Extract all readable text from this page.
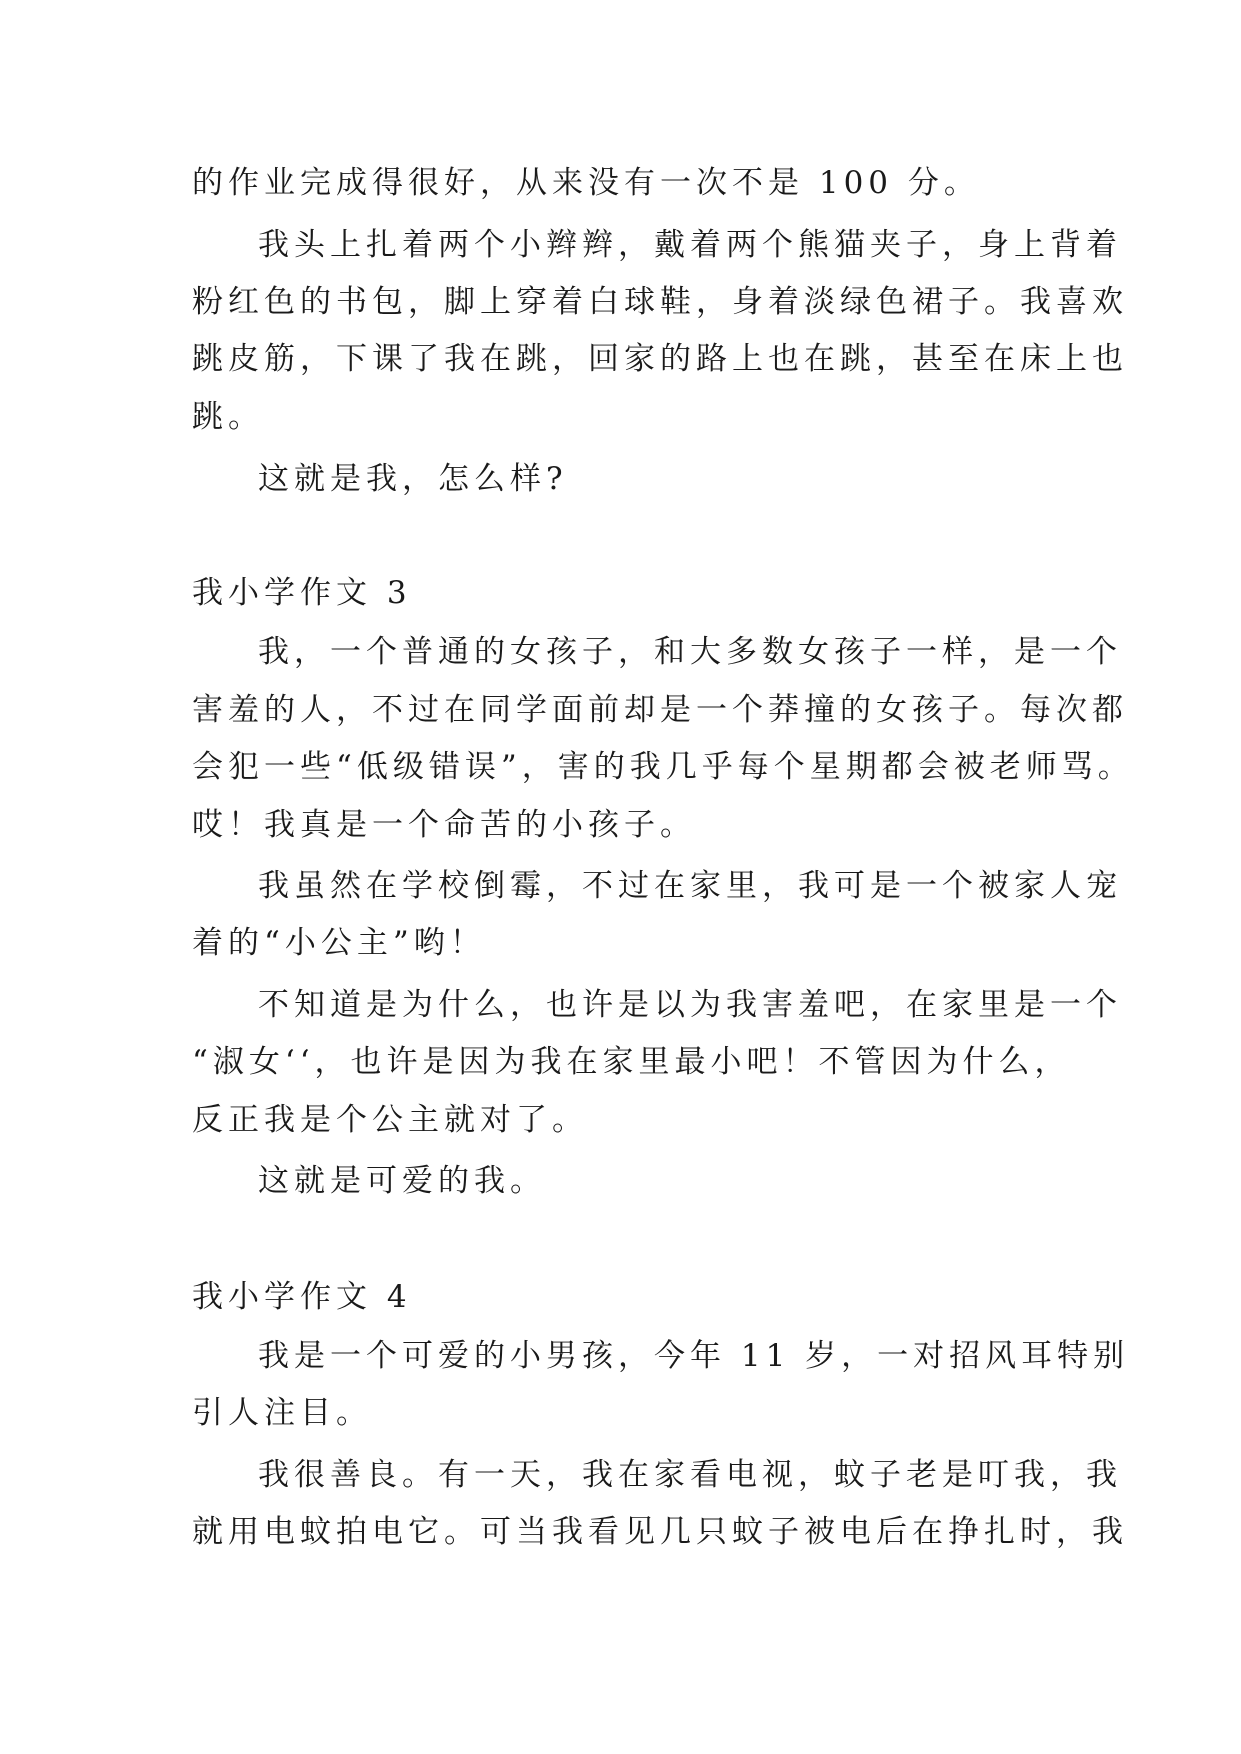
的作业完成得很好，从来没有一次不是 100 分。
我头上扎着两个小辫辫，戴着两个熊猫夹子，身上背着
粉红色的书包，脚上穿着白球鞋，身着淡绿色裙子。我喜欢
跳皮筋，下课了我在跳，回家的路上也在跳，甚至在床上也
跳。
这就是我，怎么样?
我小学作文 3
我，一个普通的女孩子，和大多数女孩子一样，是一个
害羞的人，不过在同学面前却是一个莽撞的女孩子。每次都
会犯一些“低级错误”，害的我几乎每个星期都会被老师骂。
哎！我真是一个命苦的小孩子。
我虽然在学校倒霉，不过在家里，我可是一个被家人宠
着的“小公主”哟！
不知道是为什么，也许是以为我害羞吧，在家里是一个
“淑女‘‘，也许是因为我在家里最小吧！不管因为什么，
反正我是个公主就对了。
这就是可爱的我。
我小学作文 4
我是一个可爱的小男孩，今年 11 岁，一对招风耳特别
引人注目。
我很善良。有一天，我在家看电视，蚊子老是叮我，我
就用电蚊拍电它。可当我看见几只蚊子被电后在挣扎时，我
